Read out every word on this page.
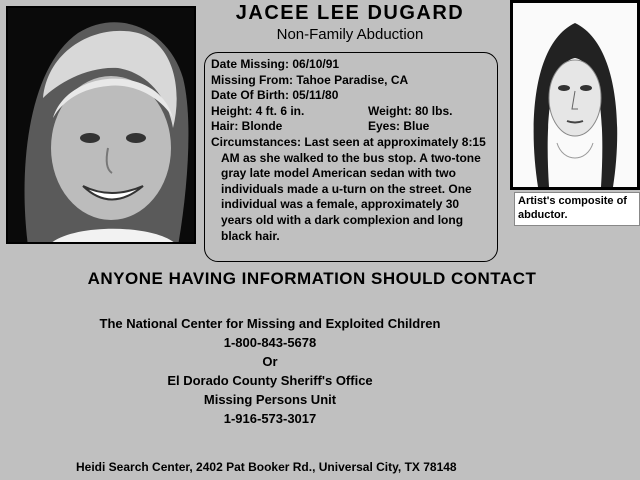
JACEE LEE DUGARD
Non-Family Abduction
Date Missing: 06/10/91
Missing From: Tahoe Paradise, CA
Date Of Birth: 05/11/80
Height: 4 ft. 6 in.	Weight: 80 lbs.
Hair: Blonde	Eyes: Blue
Circumstances: Last seen at approximately 8:15 AM as she walked to the bus stop. A two-tone gray late model American sedan with two individuals made a u-turn on the street. One individual was a female, approximately 30 years old with a dark complexion and long black hair.
Artist's composite of abductor.
ANYONE HAVING INFORMATION SHOULD CONTACT
The National Center for Missing and Exploited Children
1-800-843-5678
Or
El Dorado County Sheriff's Office
Missing Persons Unit
1-916-573-3017
Heidi Search Center, 2402 Pat Booker Rd., Universal City, TX 78148
